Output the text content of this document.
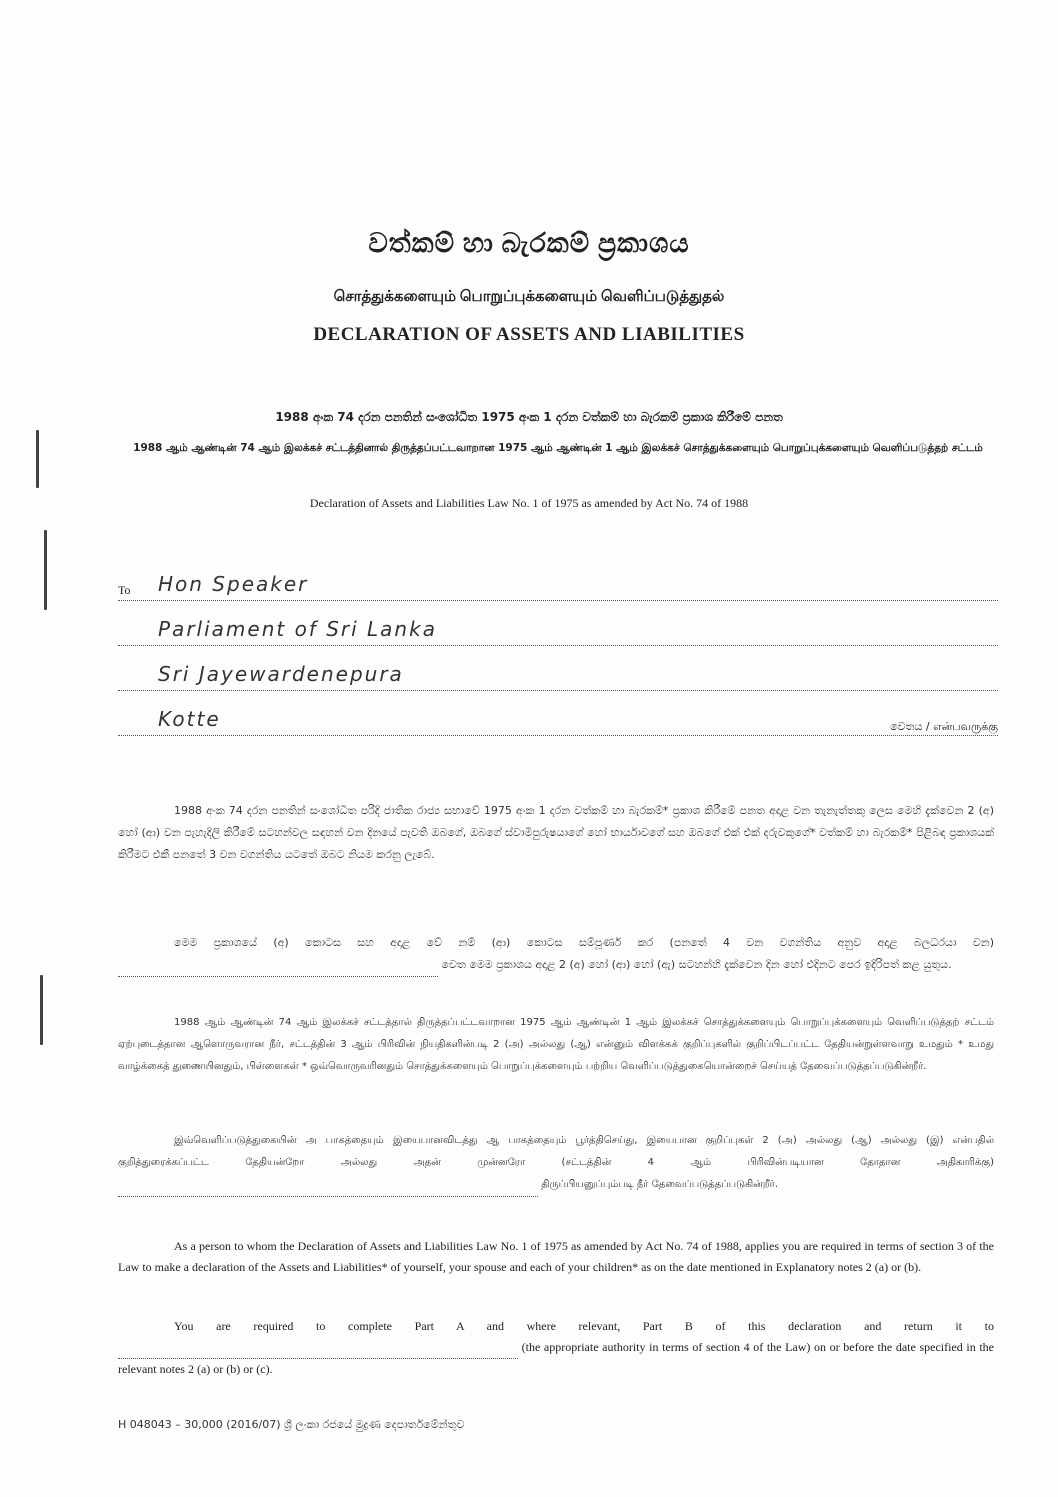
වත්කම් හා බැරකම් ප්‍රකාශය
சொத்துக்களையும் பொறுப்புக்களையும் வெளிப்படுத்துதல்
DECLARATION OF ASSETS AND LIABILITIES
1988 අංක 74 දරන පනතින් සංශෝධිත 1975 අංක 1 දරන වත්කම් හා බැරකම් ප්‍රකාශ කිරීමේ පනත
1988 ஆம் ஆண்டின் 74 ஆம் இலக்கச் சட்டத்தினால் திருத்தப்பட்டவாறான 1975 ஆம் ஆண்டின் 1 ஆம் இலக்கச் சொத்துக்களையும் பொறுப்புக்களையும் வெளிப்படுத்தற் சட்டம்
Declaration of Assets and Liabilities Law No. 1 of 1975 as amended by Act No. 74 of 1988
To Hon Speaker
Parliament of Sri Lanka
Sri Jayewardenepura
Kotte	වෙතය / என்பவருக்கு
1988 අංක 74 දරන පනතින් සංශෝධිත පරිදි ජාතික රාජ්‍ය සභාවේ 1975 අංක 1 දරන වත්කම් හා බැරකම්* ප්‍රකාශ කිරීමේ පනත අදාළ වන තැනැත්තකු ලෙස මෙහි දැක්වෙන 2 (අ) හෝ (ආ) වන පැහැදිලි කිරීමේ සටහන්වල සඳහන් වන දිනයේ පැවති ඔබගේ, ඔබගේ ස්වාමිපුරුෂයාගේ හෝ භාර්යාවගේ සහ ඔබගේ එක් එක් දරුවකුගේ* වත්කම් හා බැරකම්* පිළිබඳ ප්‍රකාශයක් කිරීමට එකී පනතේ 3 වන වගන්තිය යටතේ ඔබට නියම කරනු ලැබේ.
මෙම ප්‍රකාශයේ (අ) කොටස සහ අදාළ වේ නම් (ආ) කොටස සම්පූර්ණ කර (පනතේ 4 වන වගන්තිය අනුව අදාළ බලධරයා වන)   වෙත මෙම ප්‍රකාශය අදාළ 2 (අ) හෝ (ආ) හෝ (ඇ) සටහන්හි දැක්වෙන දින හෝ එදිනට පෙර ඉදිරිපත් කළ යුතුය.
1988 ஆம் ஆண்டின் 74 ஆம் இலக்கச் சட்டத்தால் திருத்தப்பட்டவாறான 1975 ஆம் ஆண்டின் 1 ஆம் இலக்கச் சொத்துக்களையும் பொறுப்புக்களையும் வெளிப்படுத்தற் சட்டம் ஏற்புடைத்தான ஆளொருவரான நீர், சட்டத்தின் 3 ஆம் பிரிவின் நியதிகளின்படி 2 (அ) அல்லது (ஆ) என்னும் விளக்கக் குறிப்புகளில் குறிப்பிடப்பட்ட தேதியன்றுள்ளவாறு உமதும் * உமது வாழ்க்கைத் துணையினதும், பிள்ளைகள் * ஒவ்வொருவரினதும் சொத்துக்களையும் பொறுப்புக்களையும் பற்றிய வெளிப்படுத்துகையொன்றைச் செய்யத் தேவைப்படுத்தப்படுகின்றீர்.
இவ்வெளிப்படுத்துகையின் அ பாகத்தையும் இயைபானவிடத்து ஆ பாகத்தையும் பூர்த்திசெய்து, இயைபான குறிப்புகள் 2 (அ) அல்லது (ஆ) அல்லது (இ) என்பதில் குறித்துரைக்கப்பட்ட தேதியன்றோ அல்லது அதன் முன்னரோ (சட்டத்தின் 4 ஆம் பிரிவின்படியான தோதான அதிகாரிக்கு)   திருப்பியனுப்பும்படி நீர் தேவைப்படுத்தப்படுகின்றீர்.
As a person to whom the Declaration of Assets and Liabilities Law No. 1 of 1975 as amended by Act No. 74 of 1988, applies you are required in terms of section 3 of the Law to make a declaration of the Assets and Liabilities* of yourself, your spouse and each of your children* as on the date mentioned in Explanatory notes 2 (a) or (b).
You are required to complete Part A and where relevant, Part B of this declaration and return it to   (the appropriate authority in terms of section 4 of the Law) on or before the date specified in the relevant notes 2 (a) or (b) or (c).
H 048043 – 30,000 (2016/07) ශ්‍රී ලංකා රජයේ මුද්‍රණ දෙපාර්තමේන්තුව
